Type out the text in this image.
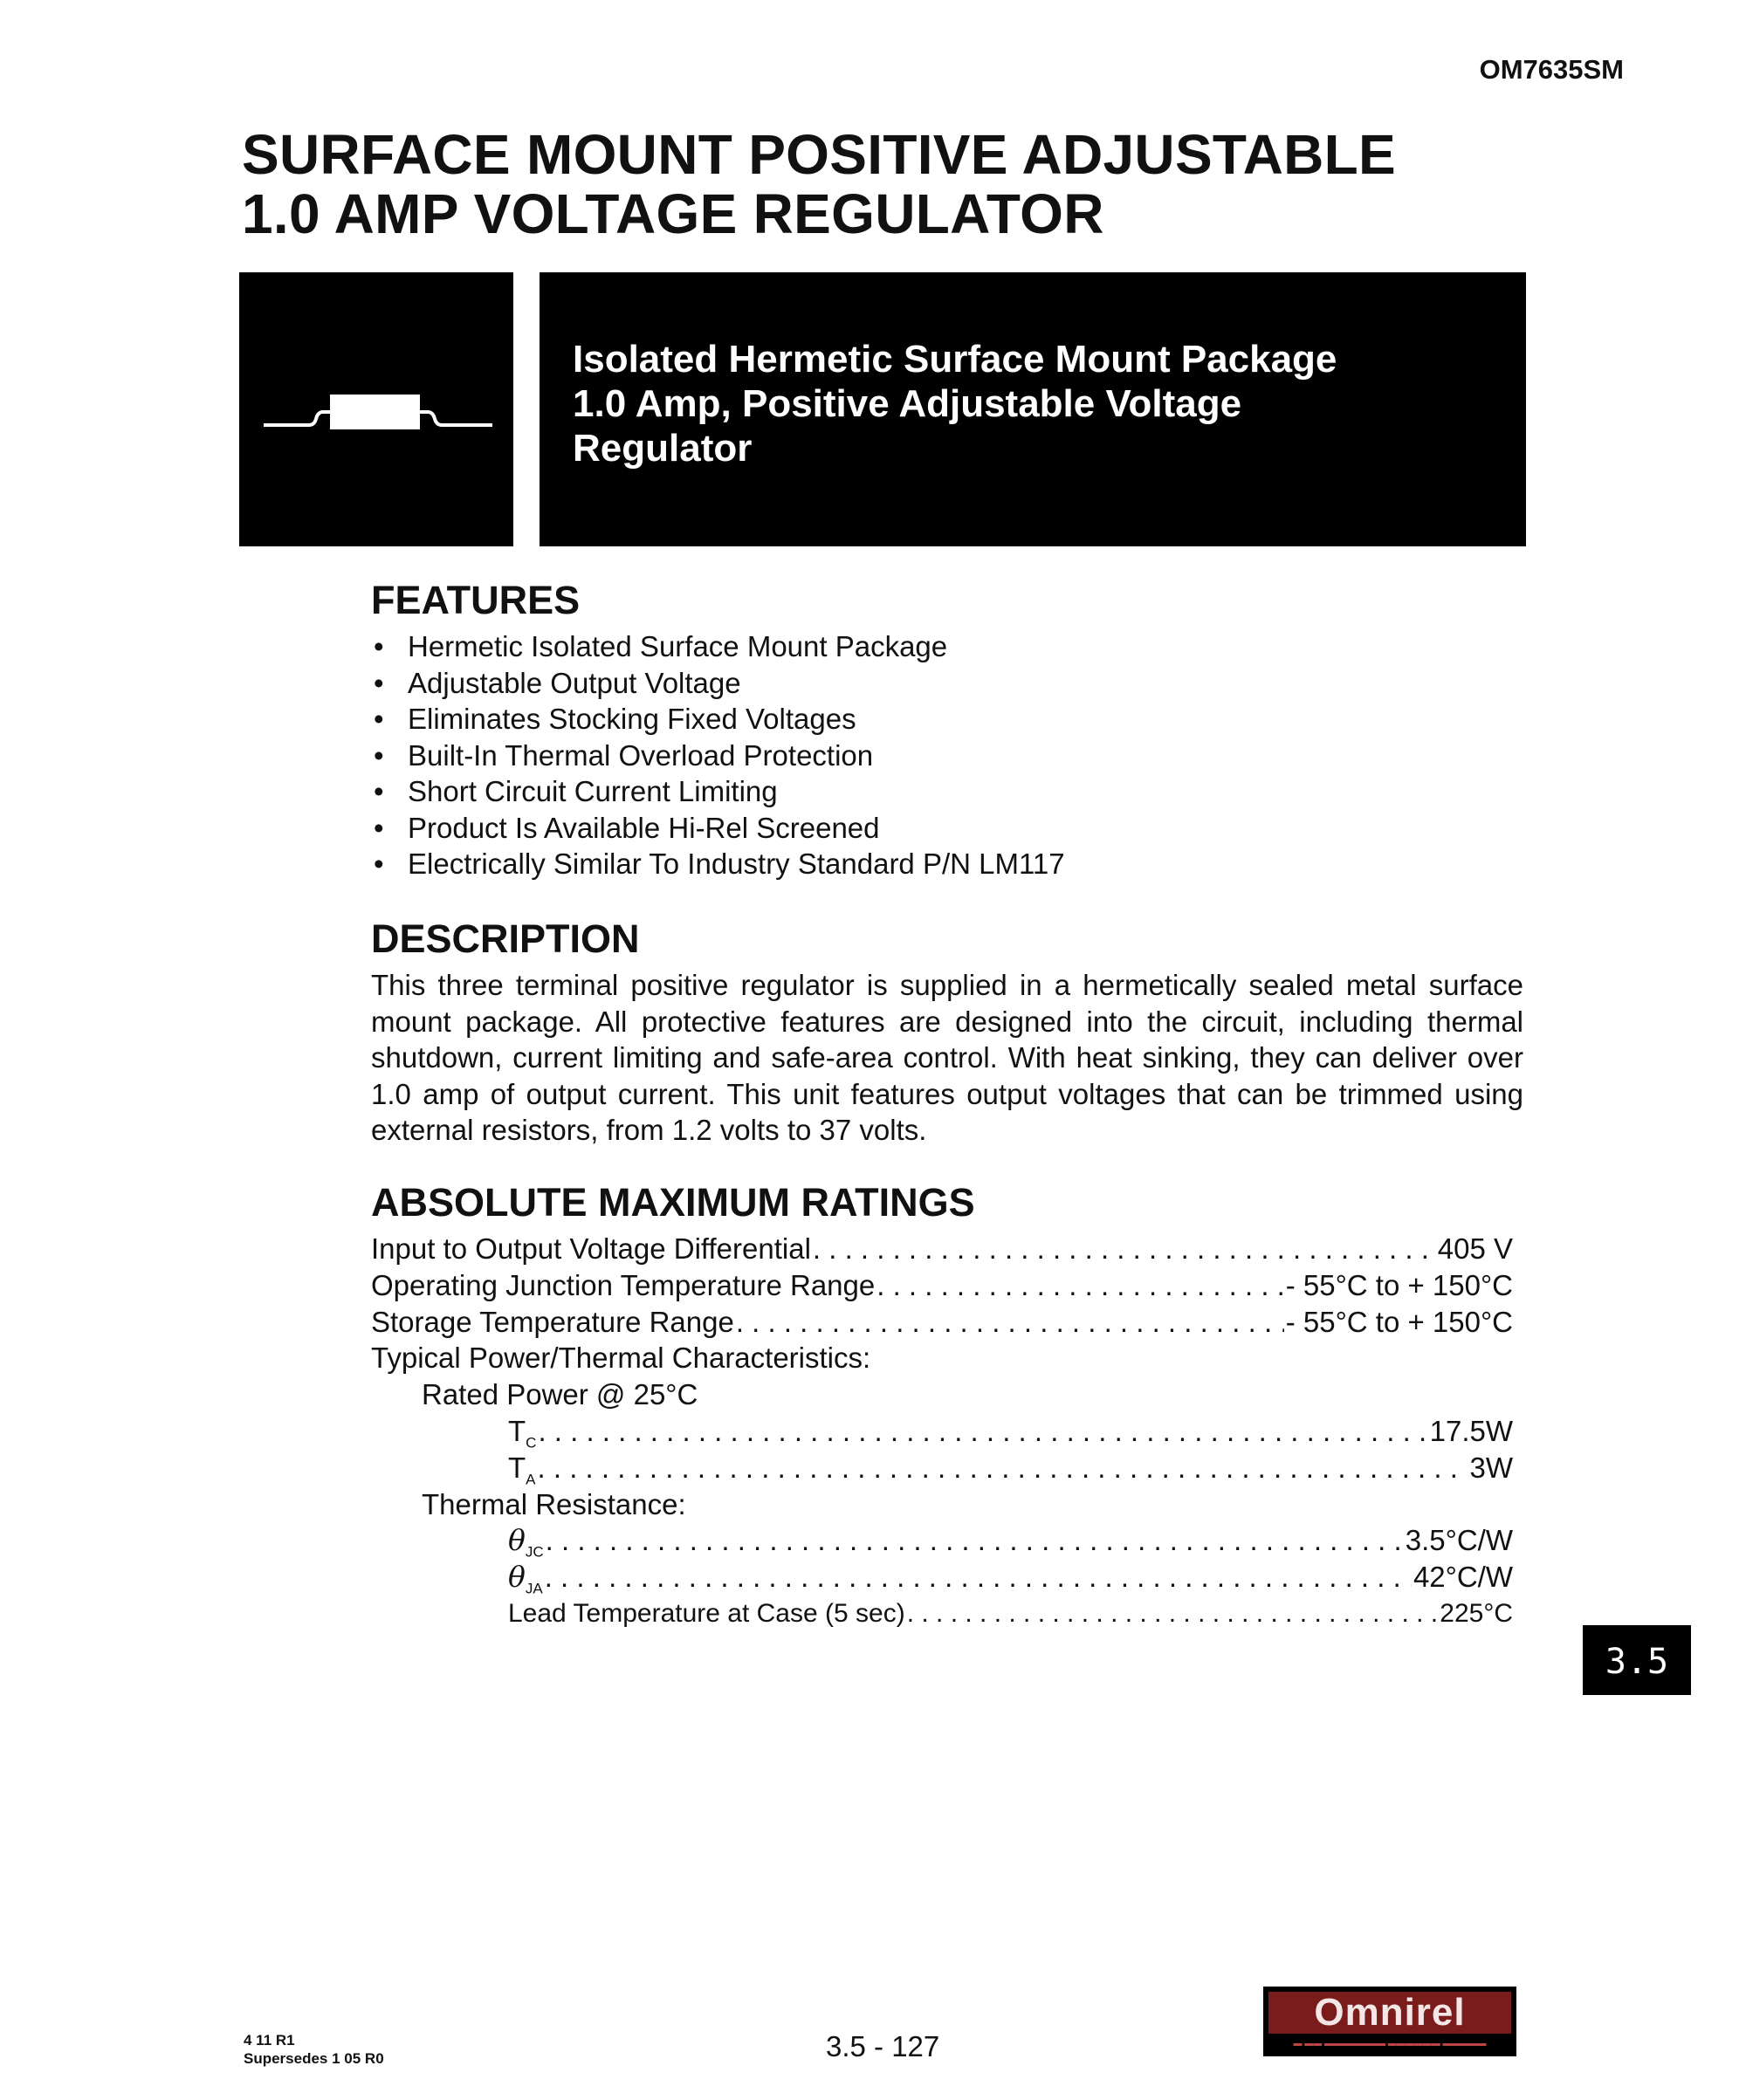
OM7635SM
SURFACE MOUNT POSITIVE ADJUSTABLE
1.0 AMP VOLTAGE REGULATOR
Isolated Hermetic Surface Mount Package
1.0 Amp, Positive Adjustable Voltage
Regulator
FEATURES
• Hermetic Isolated Surface Mount Package
• Adjustable Output Voltage
• Eliminates Stocking Fixed Voltages
• Built-In Thermal Overload Protection
• Short Circuit Current Limiting
• Product Is Available Hi-Rel Screened
• Electrically Similar To Industry Standard P/N LM117
DESCRIPTION
This three terminal positive regulator is supplied in a hermetically sealed metal surface mount package. All protective features are designed into the circuit, including thermal shutdown, current limiting and safe-area control. With heat sinking, they can deliver over 1.0 amp of output current. This unit features output voltages that can be trimmed using external resistors, from 1.2 volts to 37 volts.
ABSOLUTE MAXIMUM RATINGS
Input to Output Voltage Differential . . .	405 V
Operating Junction Temperature Range . . .	- 55°C to + 150°C
Storage Temperature Range . . .	- 55°C to + 150°C
Typical Power/Thermal Characteristics:
Rated Power @ 25°C
$T_C$ . . .	17.5W
$T_A$ . . .	3W
Thermal Resistance:
$\theta_{JC}$ . . .	3.5°C/W
$\theta_{JA}$ . . .	42°C/W
Lead Temperature at Case (5 sec) . . .	225°C
3.5
4 11 R1
Supersedes 1 05 R0	3.5 - 127
Omnirel
▬ ▬▬ ▬▬▬▬▬▬▬ ▬▬▬▬▬▬ ▬▬▬▬▬
